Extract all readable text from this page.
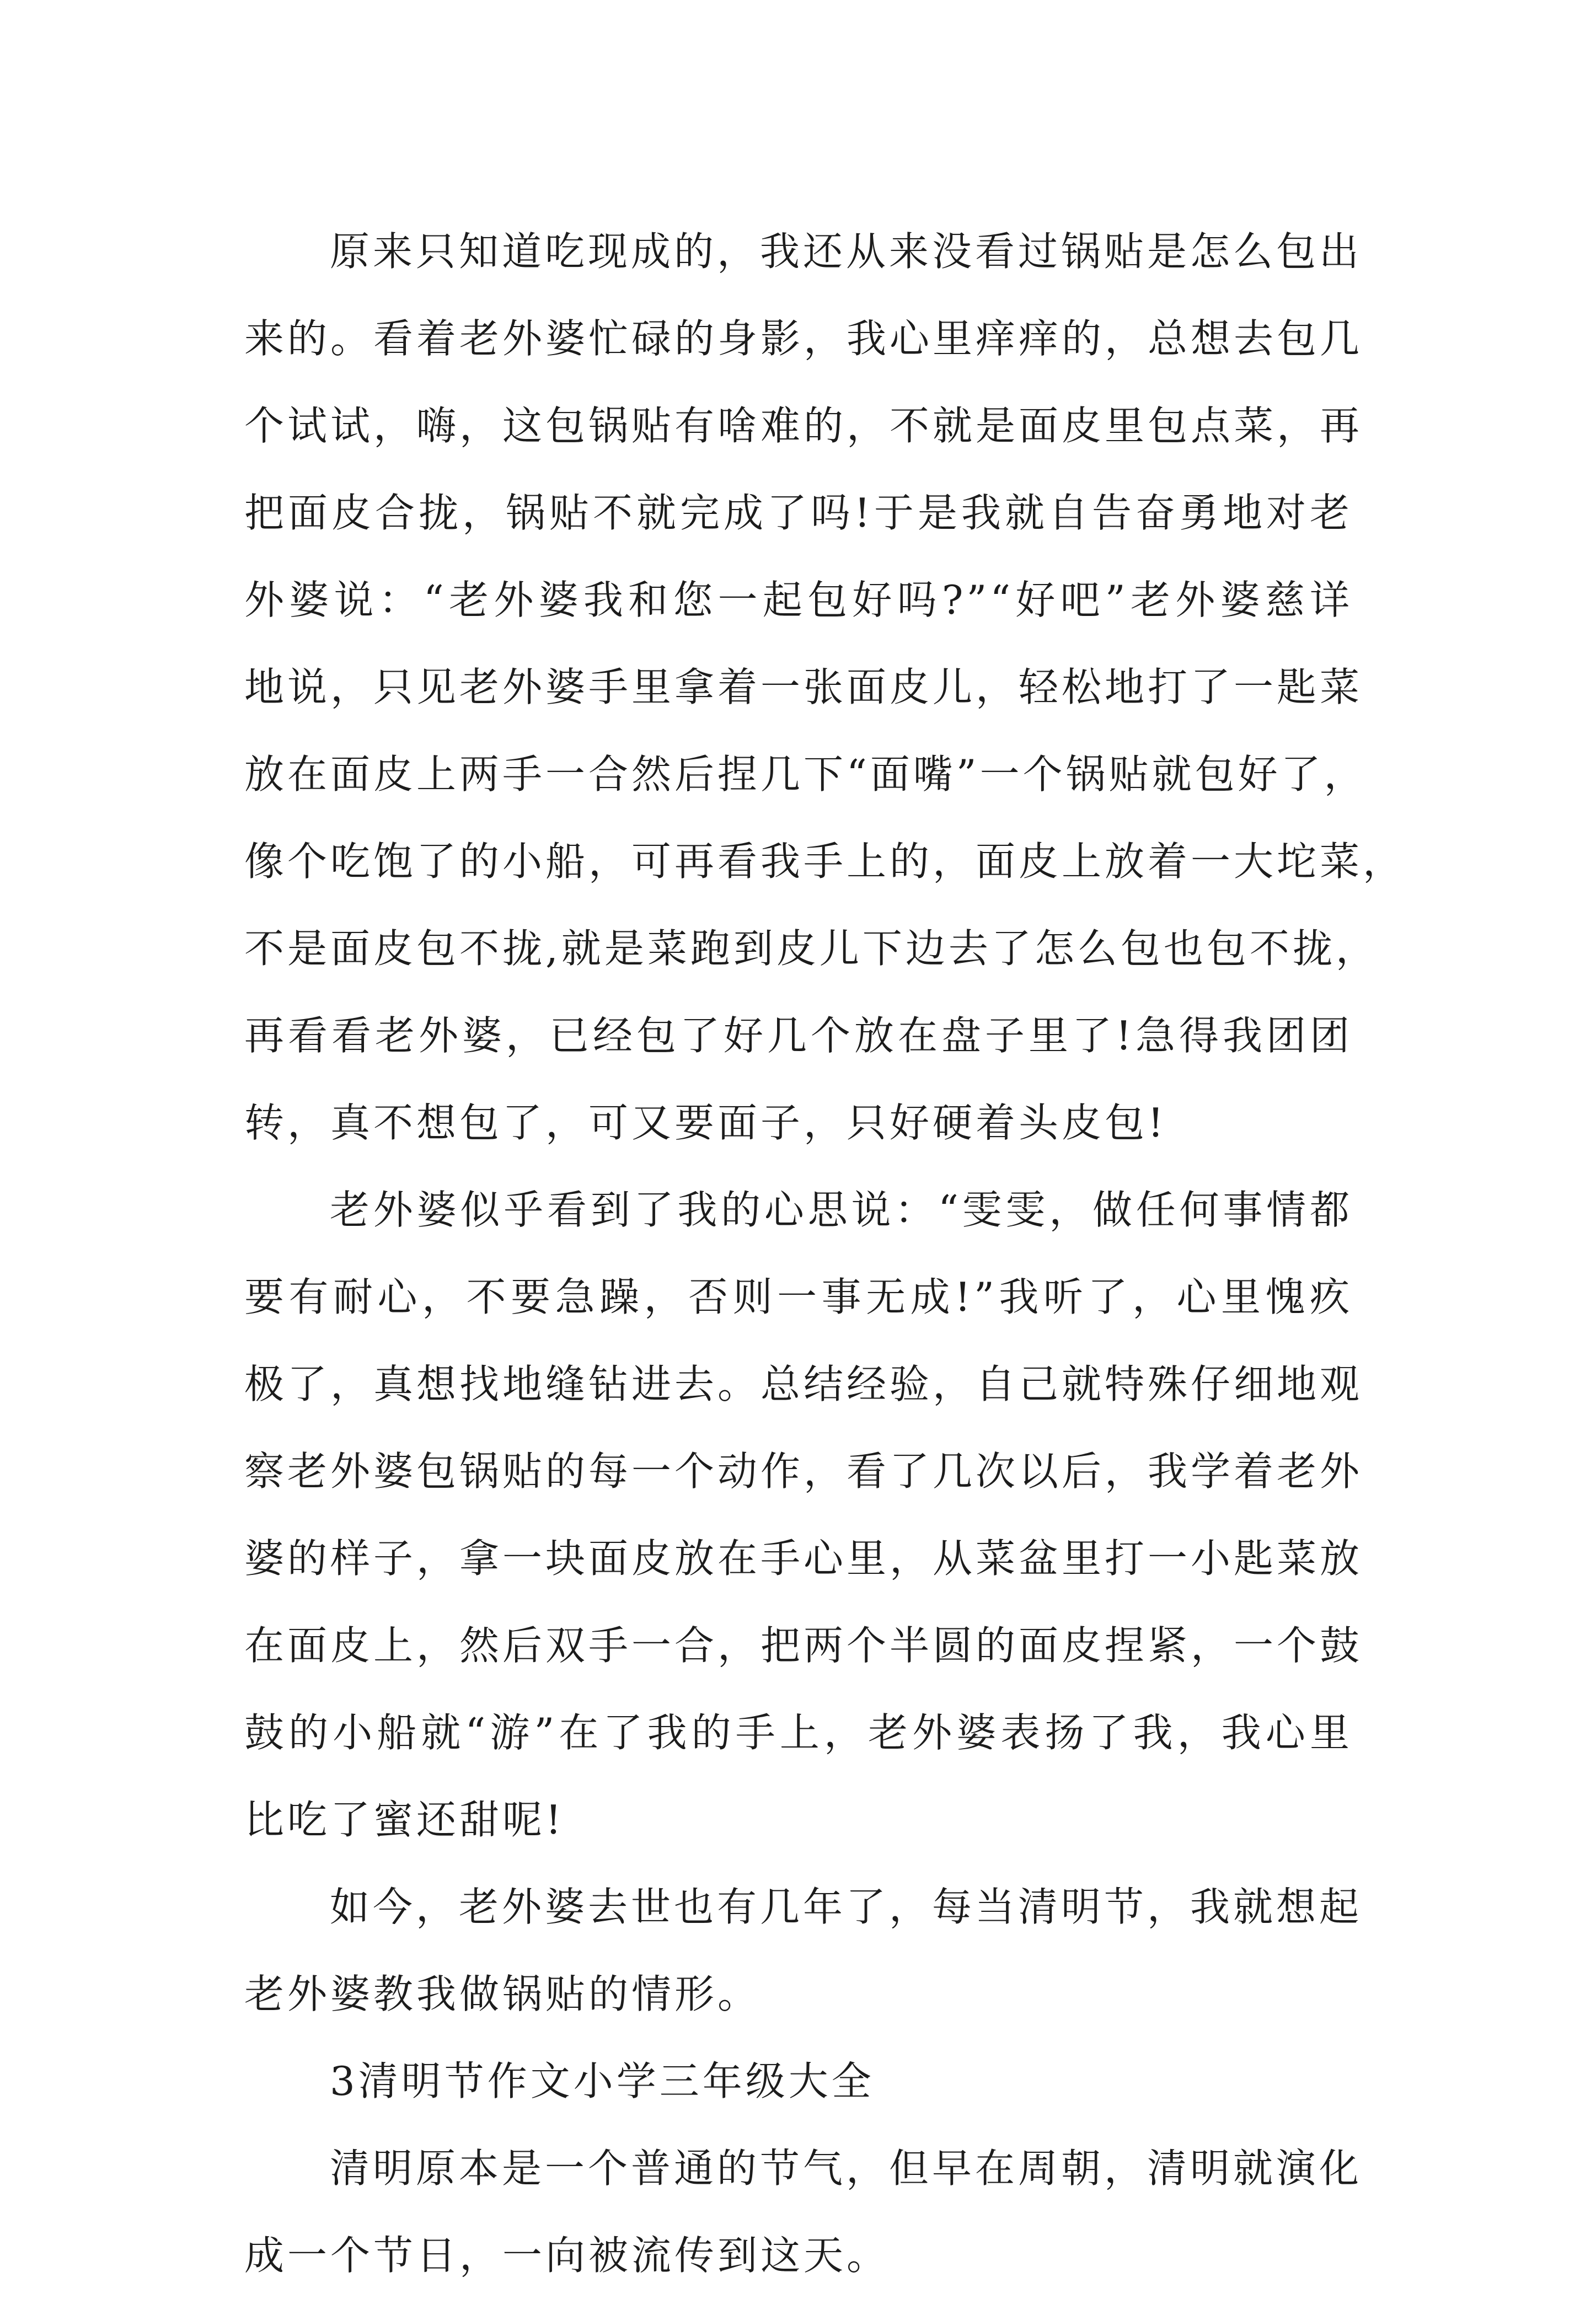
原来只知道吃现成的，我还从来没看过锅贴是怎么包出
来的。看着老外婆忙碌的身影，我心里痒痒的，总想去包几
个试试，嗨，这包锅贴有啥难的，不就是面皮里包点菜，再
把面皮合拢，锅贴不就完成了吗!于是我就自告奋勇地对老
外婆说：“老外婆我和您一起包好吗?”“好吧”老外婆慈详
地说，只见老外婆手里拿着一张面皮儿，轻松地打了一匙菜
放在面皮上两手一合然后捏几下“面嘴”一个锅贴就包好了，
像个吃饱了的小船，可再看我手上的，面皮上放着一大坨菜，
不是面皮包不拢,就是菜跑到皮儿下边去了怎么包也包不拢，
再看看老外婆，已经包了好几个放在盘子里了!急得我团团
转，真不想包了，可又要面子，只好硬着头皮包!
老外婆似乎看到了我的心思说：“雯雯，做任何事情都
要有耐心，不要急躁，否则一事无成!”我听了，心里愧疚
极了，真想找地缝钻进去。总结经验，自己就特殊仔细地观
察老外婆包锅贴的每一个动作，看了几次以后，我学着老外
婆的样子，拿一块面皮放在手心里，从菜盆里打一小匙菜放
在面皮上，然后双手一合，把两个半圆的面皮捏紧，一个鼓
鼓的小船就“游”在了我的手上，老外婆表扬了我，我心里
比吃了蜜还甜呢!
如今，老外婆去世也有几年了，每当清明节，我就想起
老外婆教我做锅贴的情形。
3清明节作文小学三年级大全
清明原本是一个普通的节气，但早在周朝，清明就演化
成一个节日，一向被流传到这天。
